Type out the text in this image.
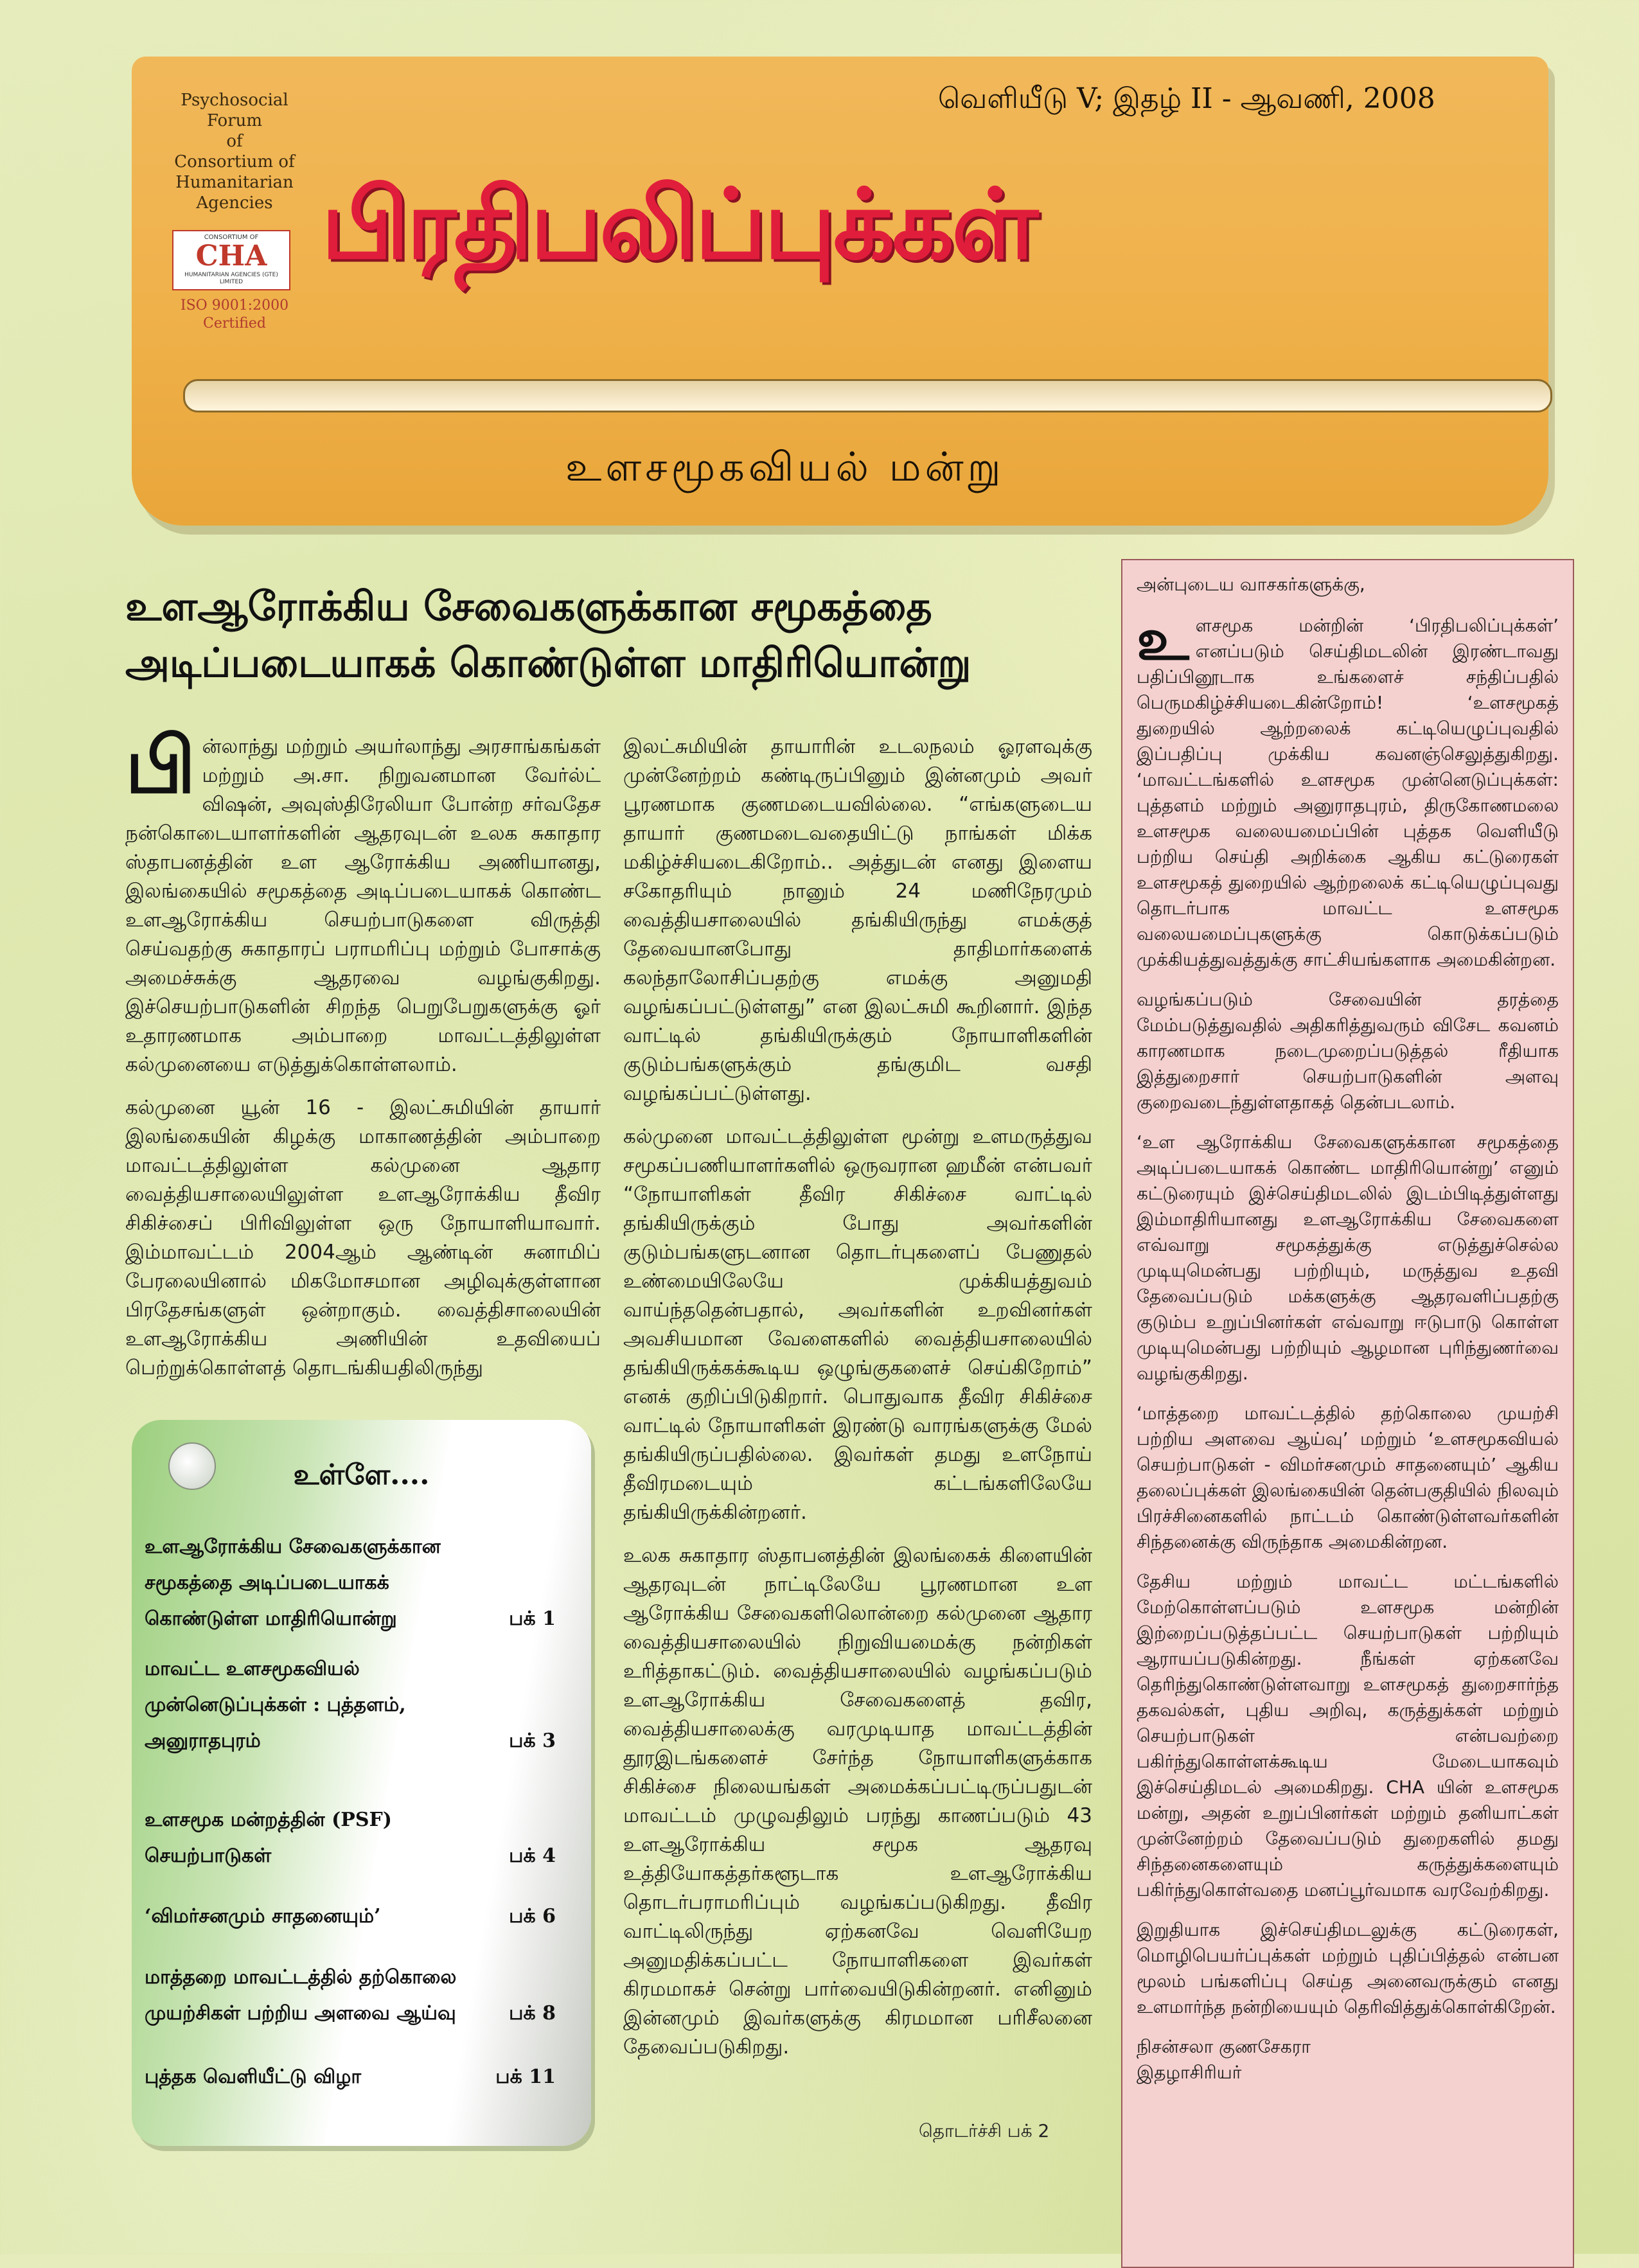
Psychosocial
Forum
of
Consortium of
Humanitarian
Agencies
CONSORTIUM OF
CHA
HUMANITARIAN AGENCIES (GTE) LIMITED
ISO 9001:2000
Certified
வெளியீடு V; இதழ் II - ஆவணி, 2008
பிரதிபலிப்புக்கள்
உளசமூகவியல் மன்று
உளஆரோக்கிய சேவைகளுக்கான சமூகத்தை
அடிப்படையாகக் கொண்டுள்ள மாதிரியொன்று

பின்லாந்து மற்றும் அயர்லாந்து அரசாங்கங்கள் மற்றும் அ.சா. நிறுவனமான வேர்ல்ட் விஷன், அவுஸ்திரேலியா போன்ற சர்வதேச நன்கொடையாளர்களின் ஆதரவுடன் உலக சுகாதார ஸ்தாபனத்தின் உள ஆரோக்கிய அணியானது, இலங்கையில் சமூகத்தை அடிப்படையாகக் கொண்ட உளஆரோக்கிய செயற்பாடுகளை விருத்தி செய்வதற்கு சுகாதாரப் பராமரிப்பு மற்றும் போசாக்கு அமைச்சுக்கு ஆதரவை வழங்குகிறது. இச்செயற்பாடுகளின் சிறந்த பெறுபேறுகளுக்கு ஓர் உதாரணமாக அம்பாறை மாவட்டத்திலுள்ள கல்முனையை எடுத்துக்கொள்ளலாம்.

கல்முனை யூன் 16 - இலட்சுமியின் தாயார் இலங்கையின் கிழக்கு மாகாணத்தின் அம்பாறை மாவட்டத்திலுள்ள கல்முனை ஆதார வைத்தியசாலையிலுள்ள உளஆரோக்கிய தீவிர சிகிச்சைப் பிரிவிலுள்ள ஒரு நோயாளியாவார். இம்மாவட்டம் 2004ஆம் ஆண்டின் சுனாமிப் பேரலையினால் மிகமோசமான அழிவுக்குள்ளான பிரதேசங்களுள் ஒன்றாகும். வைத்திசாலையின் உளஆரோக்கிய அணியின் உதவியைப் பெற்றுக்கொள்ளத் தொடங்கியதிலிருந்து

இலட்சுமியின் தாயாரின் உடலநலம் ஓரளவுக்கு முன்னேற்றம் கண்டிருப்பினும் இன்னமும் அவர் பூரணமாக குணமடையவில்லை. “எங்களுடைய தாயார் குணமடைவதையிட்டு நாங்கள் மிக்க மகிழ்ச்சியடைகிறோம்.. அத்துடன் எனது இளைய சகோதரியும் நானும் 24 மணிநேரமும் வைத்தியசாலையில் தங்கியிருந்து எமக்குத் தேவையானபோது தாதிமார்களைக் கலந்தாலோசிப்பதற்கு எமக்கு அனுமதி வழங்கப்பட்டுள்ளது” என இலட்சுமி கூறினார். இந்த வாட்டில் தங்கியிருக்கும் நோயாளிகளின் குடும்பங்களுக்கும் தங்குமிட வசதி வழங்கப்பட்டுள்ளது.

கல்முனை மாவட்டத்திலுள்ள மூன்று உளமருத்துவ சமூகப்பணியாளர்களில் ஒருவரான ஹமீன் என்பவர் “நோயாளிகள் தீவிர சிகிச்சை வாட்டில் தங்கியிருக்கும் போது அவர்களின் குடும்பங்களுடனான தொடர்புகளைப் பேணுதல் உண்மையிலேயே முக்கியத்துவம் வாய்ந்ததென்பதால், அவர்களின் உறவினர்கள் அவசியமான வேளைகளில் வைத்தியசாலையில் தங்கியிருக்கக்கூடிய ஒழுங்குகளைச் செய்கிறோம்” எனக் குறிப்பிடுகிறார். பொதுவாக தீவிர சிகிச்சை வாட்டில் நோயாளிகள் இரண்டு வாரங்களுக்கு மேல் தங்கியிருப்பதில்லை. இவர்கள் தமது உளநோய் தீவிரமடையும் கட்டங்களிலேயே தங்கியிருக்கின்றனர்.

உலக சுகாதார ஸ்தாபனத்தின் இலங்கைக் கிளையின் ஆதரவுடன் நாட்டிலேயே பூரணமான உள ஆரோக்கிய சேவைகளிலொன்றை கல்முனை ஆதார வைத்தியசாலையில் நிறுவியமைக்கு நன்றிகள் உரித்தாகட்டும். வைத்தியசாலையில் வழங்கப்படும் உளஆரோக்கிய சேவைகளைத் தவிர, வைத்தியசாலைக்கு வரமுடியாத மாவட்டத்தின் தூரஇடங்களைச் சேர்ந்த நோயாளிகளுக்காக சிகிச்சை நிலையங்கள் அமைக்கப்பட்டிருப்பதுடன் மாவட்டம் முழுவதிலும் பரந்து காணப்படும் 43 உளஆரோக்கிய சமூக ஆதரவு உத்தியோகத்தர்களூடாக உளஆரோக்கிய தொடர்பராமரிப்பும் வழங்கப்படுகிறது. தீவிர வாட்டிலிருந்து ஏற்கனவே வெளியேற அனுமதிக்கப்பட்ட நோயாளிகளை இவர்கள் கிரமமாகச் சென்று பார்வையிடுகின்றனர். எனினும் இன்னமும் இவர்களுக்கு கிரமமான பரிசீலனை தேவைப்படுகிறது.

அன்புடைய வாசகர்களுக்கு,

உளசமூக மன்றின் ‘பிரதிபலிப்புக்கள்’ எனப்படும் செய்திமடலின் இரண்டாவது பதிப்பினூடாக உங்களைச் சந்திப்பதில் பெருமகிழ்ச்சியடைகின்றோம்! ‘உளசமூகத் துறையில் ஆற்றலைக் கட்டியெழுப்புவதில் இப்பதிப்பு முக்கிய கவனஞ்செலுத்துகிறது. ‘மாவட்டங்களில் உளசமூக முன்னெடுப்புக்கள்: புத்தளம் மற்றும் அனுராதபுரம், திருகோணமலை உளசமூக வலையமைப்பின் புத்தக வெளியீடு பற்றிய செய்தி அறிக்கை ஆகிய கட்டுரைகள் உளசமூகத் துறையில் ஆற்றலைக் கட்டியெழுப்புவது தொடர்பாக மாவட்ட உளசமூக வலையமைப்புகளுக்கு கொடுக்கப்படும் முக்கியத்துவத்துக்கு சாட்சியங்களாக அமைகின்றன.

வழங்கப்படும் சேவையின் தரத்தை மேம்படுத்துவதில் அதிகரித்துவரும் விசேட கவனம் காரணமாக நடைமுறைப்படுத்தல் ரீதியாக இத்துறைசார் செயற்பாடுகளின் அளவு குறைவடைந்துள்ளதாகத் தென்படலாம்.

‘உள ஆரோக்கிய சேவைகளுக்கான சமூகத்தை அடிப்படையாகக் கொண்ட மாதிரியொன்று’ எனும் கட்டுரையும் இச்செய்திமடலில் இடம்பிடித்துள்ளது இம்மாதிரியானது உளஆரோக்கிய சேவைகளை எவ்வாறு சமூகத்துக்கு எடுத்துச்செல்ல முடியுமென்பது பற்றியும், மருத்துவ உதவி தேவைப்படும் மக்களுக்கு ஆதரவளிப்பதற்கு குடும்ப உறுப்பினர்கள் எவ்வாறு ஈடுபாடு கொள்ள முடியுமென்பது பற்றியும் ஆழமான புரிந்துணர்வை வழங்குகிறது.

‘மாத்தறை மாவட்டத்தில் தற்கொலை முயற்சி பற்றிய அளவை ஆய்வு’ மற்றும் ‘உளசமூகவியல் செயற்பாடுகள் - விமர்சனமும் சாதனையும்’ ஆகிய தலைப்புக்கள் இலங்கையின் தென்பகுதியில் நிலவும் பிரச்சினைகளில் நாட்டம் கொண்டுள்ளவர்களின் சிந்தனைக்கு விருந்தாக அமைகின்றன.

தேசிய மற்றும் மாவட்ட மட்டங்களில் மேற்கொள்ளப்படும் உளசமூக மன்றின் இற்றைப்படுத்தப்பட்ட செயற்பாடுகள் பற்றியும் ஆராயப்படுகின்றது. நீங்கள் ஏற்கனவே தெரிந்துகொண்டுள்ளவாறு உளசமூகத் துறைசார்ந்த தகவல்கள், புதிய அறிவு, கருத்துக்கள் மற்றும் செயற்பாடுகள் என்பவற்றை பகிர்ந்துகொள்ளக்கூடிய மேடையாகவும் இச்செய்திமடல் அமைகிறது. CHA யின் உளசமூக மன்று, அதன் உறுப்பினர்கள் மற்றும் தனியாட்கள் முன்னேற்றம் தேவைப்படும் துறைகளில் தமது சிந்தனைகளையும் கருத்துக்களையும் பகிர்ந்துகொள்வதை மனப்பூர்வமாக வரவேற்கிறது.

இறுதியாக இச்செய்திமடலுக்கு கட்டுரைகள், மொழிபெயர்ப்புக்கள் மற்றும் புதிப்பித்தல் என்பன மூலம் பங்களிப்பு செய்த அனைவருக்கும் எனது உளமார்ந்த நன்றியையும் தெரிவித்துக்கொள்கிறேன்.

நிசன்சலா குணசேகரா
இதழாசிரியர்
உள்ளே....
உளஆரோக்கிய சேவைகளுக்கான
சமூகத்தை அடிப்படையாகக்
கொண்டுள்ள மாதிரியொன்று	பக் 1
மாவட்ட உளசமூகவியல்
முன்னெடுப்புக்கள் : புத்தளம்,
அனுராதபுரம்	பக் 3
உளசமூக மன்றத்தின் (PSF)
செயற்பாடுகள்	பக் 4
‘விமர்சனமும் சாதனையும்’	பக் 6
மாத்தறை மாவட்டத்தில் தற்கொலை
முயற்சிகள் பற்றிய அளவை ஆய்வு	பக் 8
புத்தக வெளியீட்டு விழா	பக் 11
தொடர்ச்சி பக் 2
